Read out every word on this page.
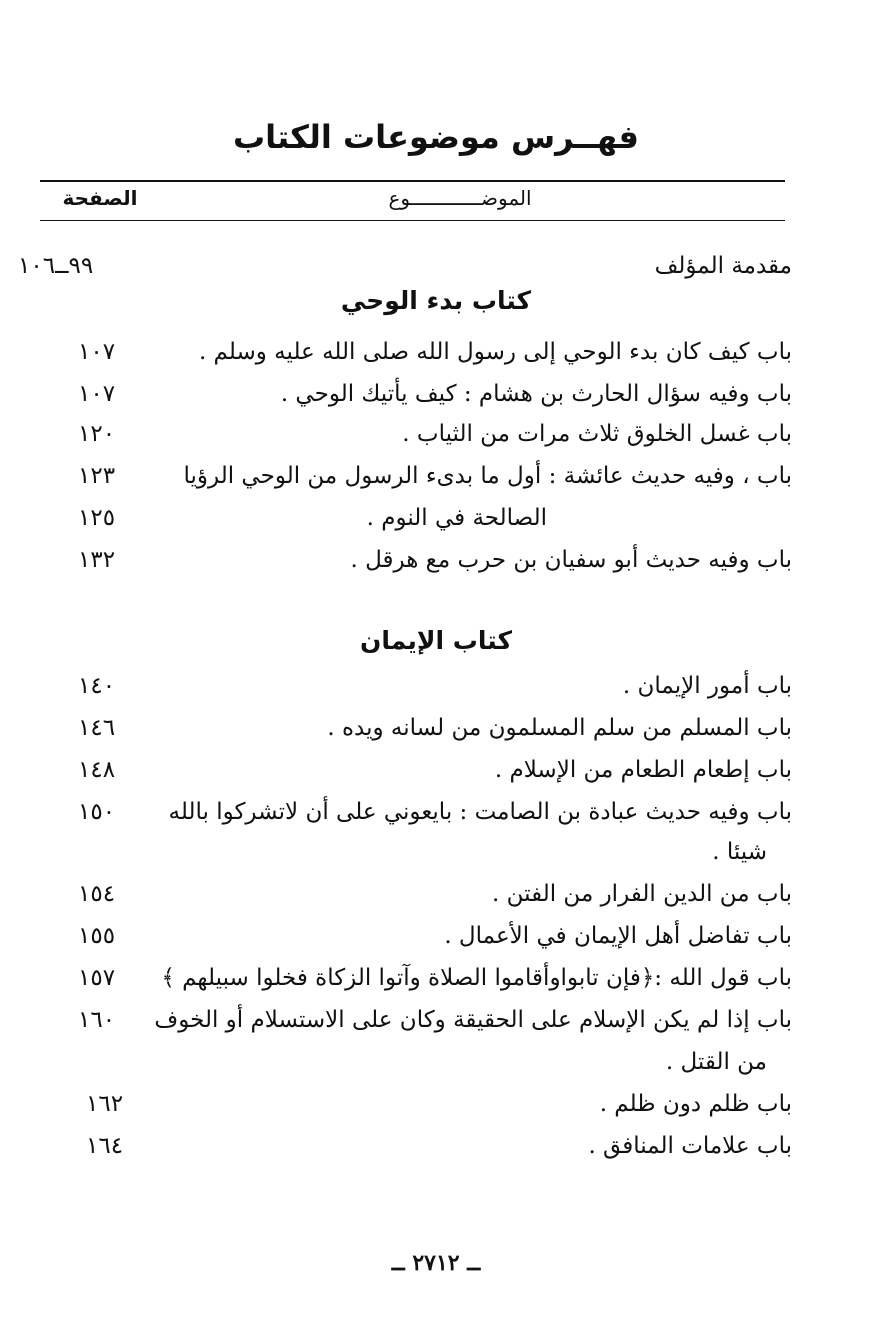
فهــرس موضوعات الكتاب
الموضــــــــــــوع
الصفحة
مقدمة المؤلف
٩٩ــ١٠٦
كتاب بدء الوحي
باب كيف كان بدء الوحي إلى رسول الله صلى الله عليه وسلم .
١٠٧
باب وفيه سؤال الحارث بن هشام : كيف يأتيك الوحي .
١٠٧
باب غسل الخلوق ثلاث مرات من الثياب .
١٢٠
باب ، وفيه حديث عائشة : أول ما بدىء الرسول من الوحي الرؤيا
١٢٣
الصالحة في النوم .
١٢٥
باب وفيه حديث أبو سفيان بن حرب مع هرقل .
١٣٢
كتاب الإيمان
باب أمور الإيمان .
١٤٠
باب المسلم من سلم المسلمون من لسانه ويده .
١٤٦
باب إطعام الطعام من الإسلام .
١٤٨
باب وفيه حديث عبادة بن الصامت : بايعوني على أن لاتشركوا بالله
١٥٠
شيئا .
باب من الدين الفرار من الفتن .
١٥٤
باب تفاضل أهل الإيمان في الأعمال .
١٥٥
باب قول الله :﴿فإن تابواوأقاموا الصلاة وآتوا الزكاة فخلوا سبيلهم ﴾
١٥٧
باب إذا لم يكن الإسلام على الحقيقة وكان على الاستسلام أو الخوف
١٦٠
من القتل .
باب ظلم دون ظلم .
١٦٢
باب علامات المنافق .
١٦٤
ــ ٢٧١٢ ــ
